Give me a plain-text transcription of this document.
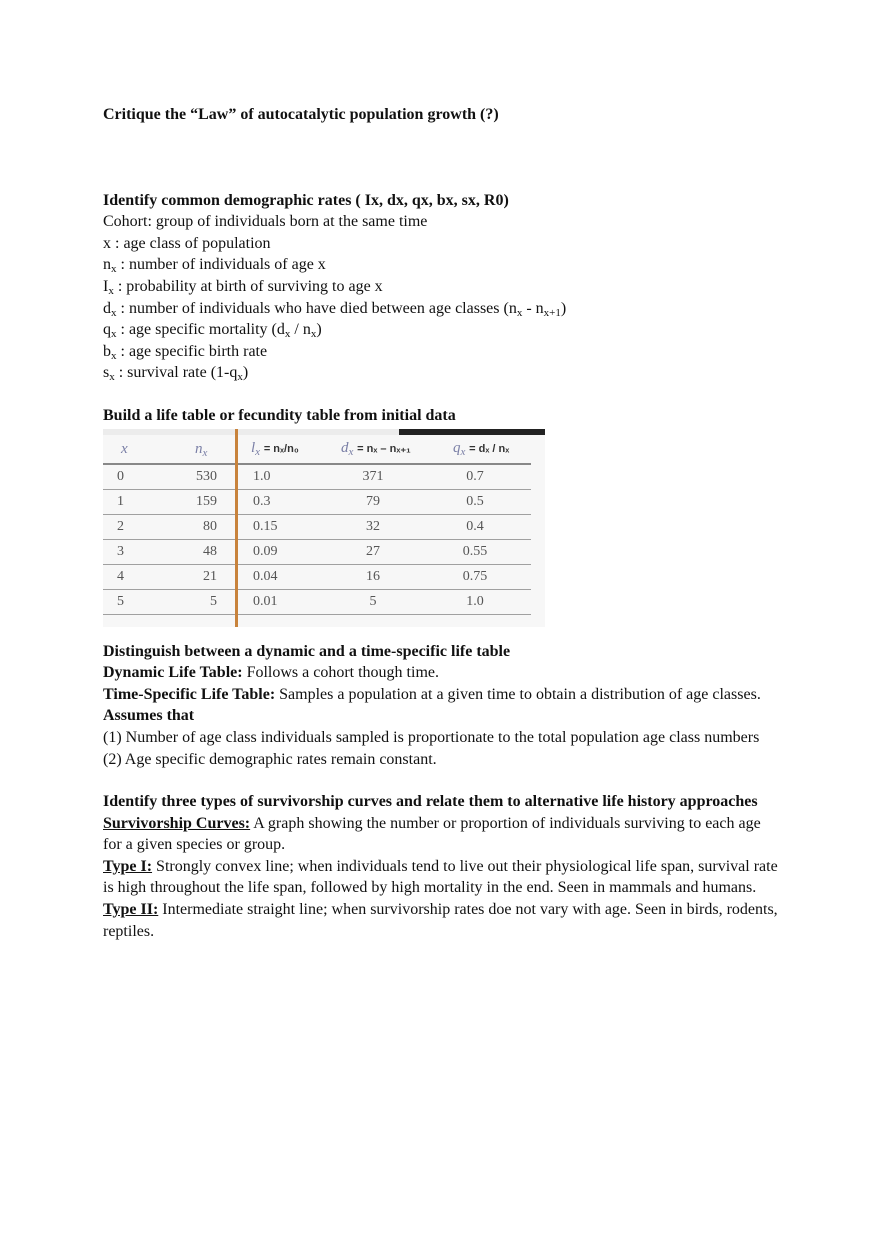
Critique the “Law” of autocatalytic population growth (?)

Identify common demographic rates ( Ix, dx, qx, bx, sx, R0)

Cohort: group of individuals born at the same time

x : age class of population

$n_x$ : number of individuals of age x

$I_x$ : probability at birth of surviving to age x

$d_x$ : number of individuals who have died between age classes $(n_x - n_{x+1})$

$q_x$ : age specific mortality $(d_x / n_x)$

$b_x$ : age specific birth rate

$s_x$ : survival rate $(1-q_x)$

Build a life table or fecundity table from initial data

x	$n_x$	$l_x = n_x/n_0$	$d_x = n_x - n_{x+1}$	$q_x = d_x / n_x$
0	530	1.0	371	0.7
1	159	0.3	79	0.5
2	80	0.15	32	0.4
3	48	0.09	27	0.55
4	21	0.04	16	0.75
5	5	0.01	5	1.0

Distinguish between a dynamic and a time-specific life table

Dynamic Life Table: Follows a cohort though time.

Time-Specific Life Table: Samples a population at a given time to obtain a distribution of age classes.

Assumes that

(1) Number of age class individuals sampled is proportionate to the total population age class numbers

(2) Age specific demographic rates remain constant.

Identify three types of survivorship curves and relate them to alternative life history approaches

Survivorship Curves: A graph showing the number or proportion of individuals surviving to each age for a given species or group.

Type I: Strongly convex line; when individuals tend to live out their physiological life span, survival rate is high throughout the life span, followed by high mortality in the end. Seen in mammals and humans.

Type II: Intermediate straight line; when survivorship rates doe not vary with age. Seen in birds, rodents, reptiles.
